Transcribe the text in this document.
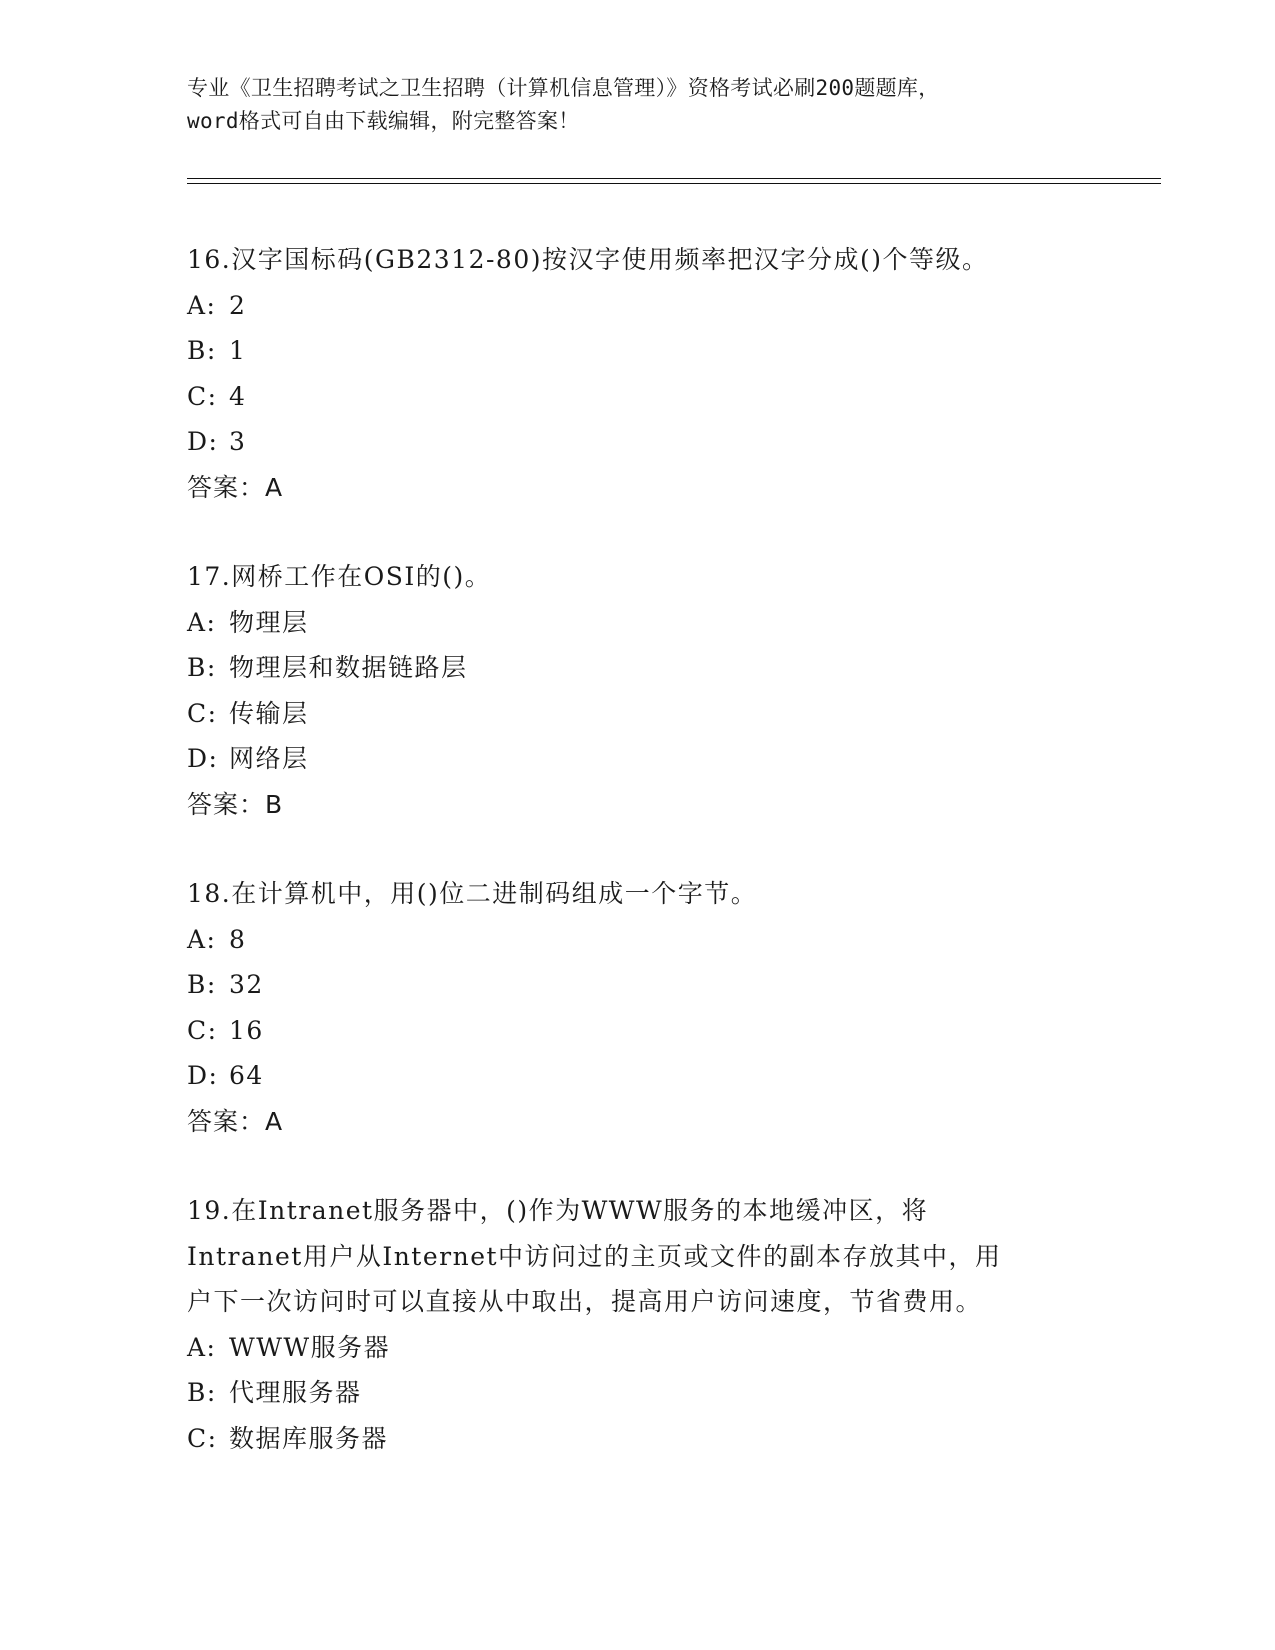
专业《卫生招聘考试之卫生招聘（计算机信息管理）》资格考试必刷200题题库，
word格式可自由下载编辑，附完整答案！
16.汉字国标码(GB2312-80)按汉字使用频率把汉字分成()个等级。
A: 2
B: 1
C: 4
D: 3
答案：A
17.网桥工作在OSI的()。
A: 物理层
B: 物理层和数据链路层
C: 传输层
D: 网络层
答案：B
18.在计算机中，用()位二进制码组成一个字节。
A: 8
B: 32
C: 16
D: 64
答案：A
19.在Intranet服务器中，()作为WWW服务的本地缓冲区，将
Intranet用户从Internet中访问过的主页或文件的副本存放其中，用
户下一次访问时可以直接从中取出，提高用户访问速度，节省费用。
A: WWW服务器
B: 代理服务器
C: 数据库服务器
